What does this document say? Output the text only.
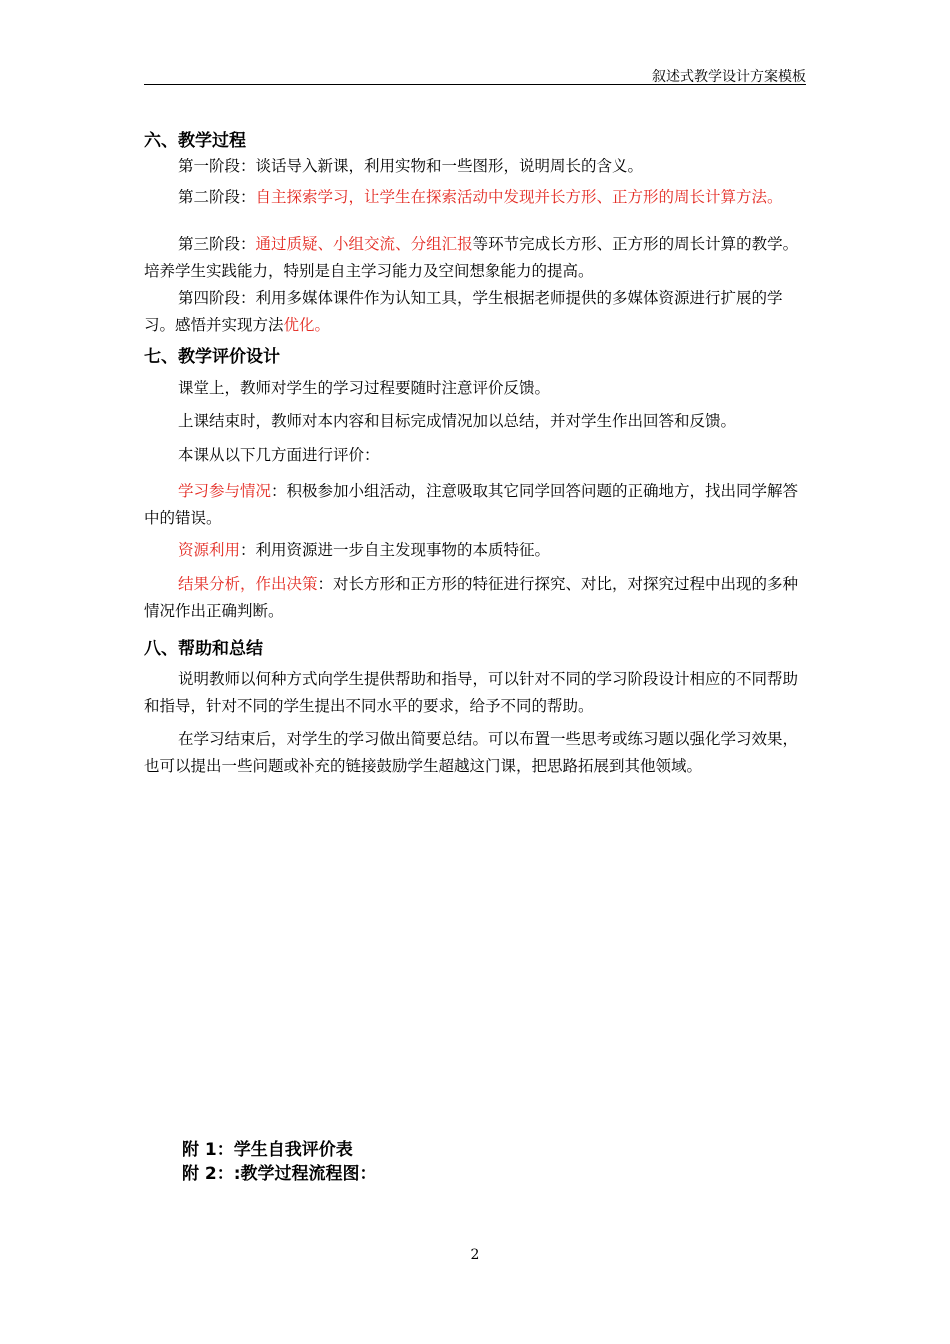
叙述式教学设计方案模板
六、教学过程
第一阶段：谈话导入新课，利用实物和一些图形，说明周长的含义。
第二阶段：自主探索学习，让学生在探索活动中发现并长方形、正方形的周长计算方法。
第三阶段：通过质疑、小组交流、分组汇报等环节完成长方形、正方形的周长计算的教学。培养学生实践能力，特别是自主学习能力及空间想象能力的提高。
第四阶段：利用多媒体课件作为认知工具，学生根据老师提供的多媒体资源进行扩展的学习。感悟并实现方法优化。
七、教学评价设计
课堂上，教师对学生的学习过程要随时注意评价反馈。
上课结束时，教师对本内容和目标完成情况加以总结，并对学生作出回答和反馈。
本课从以下几方面进行评价：
学习参与情况：积极参加小组活动，注意吸取其它同学回答问题的正确地方，找出同学解答中的错误。
资源利用：利用资源进一步自主发现事物的本质特征。
结果分析，作出决策：对长方形和正方形的特征进行探究、对比，对探究过程中出现的多种情况作出正确判断。
八、帮助和总结
说明教师以何种方式向学生提供帮助和指导，可以针对不同的学习阶段设计相应的不同帮助和指导，针对不同的学生提出不同水平的要求，给予不同的帮助。
在学习结束后，对学生的学习做出简要总结。可以布置一些思考或练习题以强化学习效果，也可以提出一些问题或补充的链接鼓励学生超越这门课，把思路拓展到其他领域。
附 1：学生自我评价表
附 2：:教学过程流程图：
2
